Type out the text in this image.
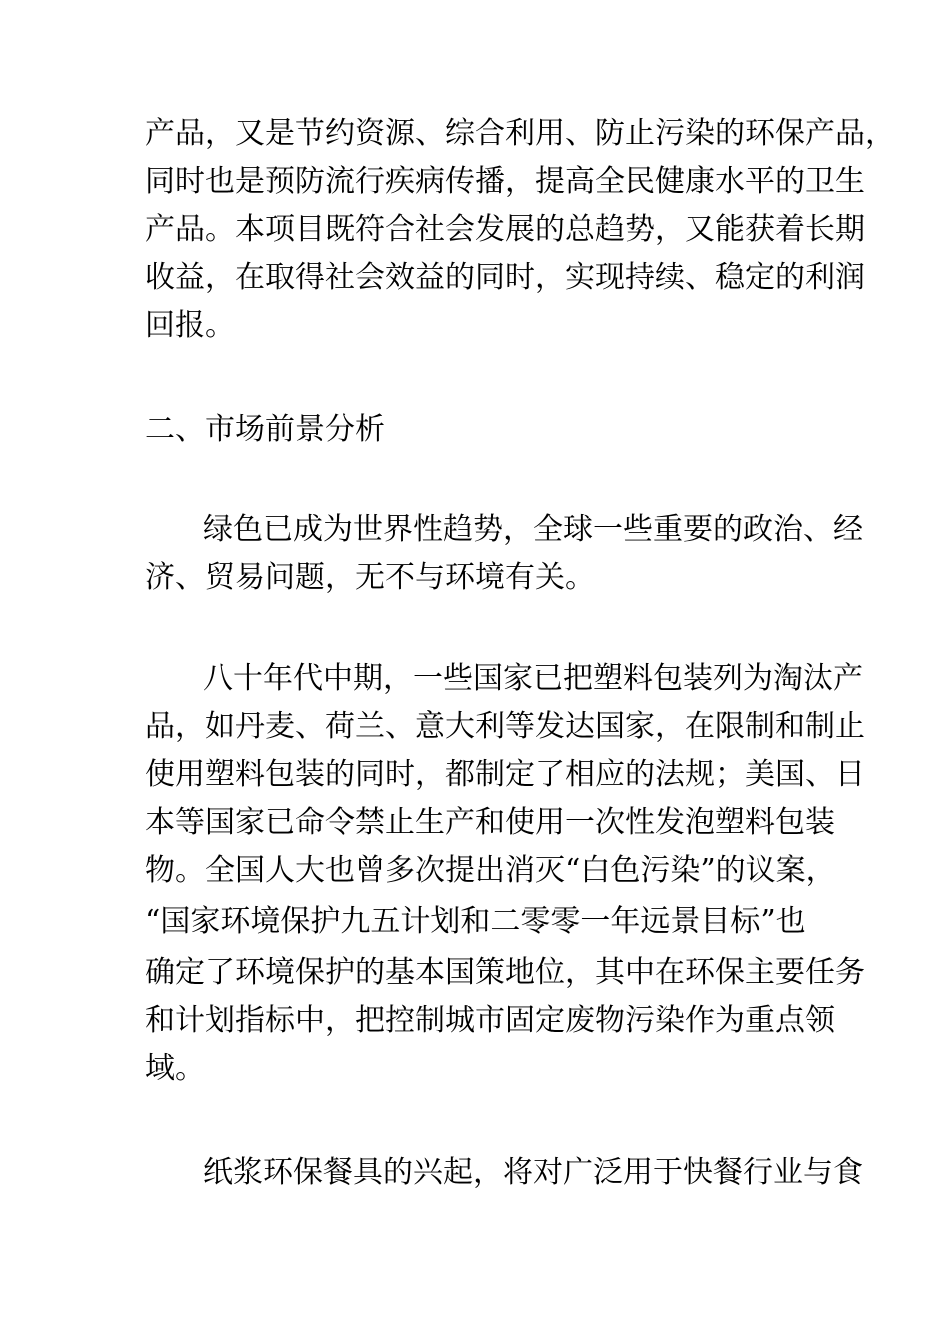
产品，又是节约资源、综合利用、防止污染的环保产品，
同时也是预防流行疾病传播，提高全民健康水平的卫生
产品。本项目既符合社会发展的总趋势，又能获着长期
收益，在取得社会效益的同时，实现持续、稳定的利润
回报。
二、市场前景分析
绿色已成为世界性趋势，全球一些重要的政治、经
济、贸易问题，无不与环境有关。
八十年代中期，一些国家已把塑料包装列为淘汰产
品，如丹麦、荷兰、意大利等发达国家，在限制和制止
使用塑料包装的同时，都制定了相应的法规；美国、日
本等国家已命令禁止生产和使用一次性发泡塑料包装
物。全国人大也曾多次提出消灭“白色污染”的议案，
“国家环境保护九五计划和二零零一年远景目标”也
确定了环境保护的基本国策地位，其中在环保主要任务
和计划指标中，把控制城市固定废物污染作为重点领
域。
纸浆环保餐具的兴起，将对广泛用于快餐行业与食
